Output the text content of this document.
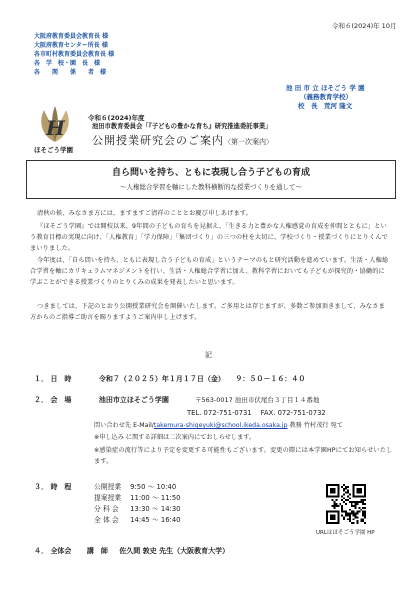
令和６(2024)年 10月
大阪府教育委員会教育長 様
大阪府教育センター所長 様
各市町村教育委員会教育長 様
各　学　校・園　長　様
各　　関　　係　　者　様
池 田 市 立 ほそごう 学 園
（義務教育学校）
校　長　荒河 隆文
H
ほそごう学園
令和６(2024)年度
池田市教育委員会「『子どもの豊かな育ち』研究推進委託事業」
公開授業研究会のご案内〈第一次案内〉
自ら問いを持ち、ともに表現し合う子どもの育成
〜人権総合学習を軸にした教科横断的な授業づくりを通して〜
清秋の候、みなさま方には、ますますご清祥のこととお慶び申しあげます。
『ほそごう学園』では開校以来、9年間の子どもの育ちを見据え、「生きる力と豊かな人権感覚の育成を仲間とともに」という教育目標の実現に向け、「人権教育」「学力保障」「集団づくり」の三つの柱を大切に、学校づくり・授業づくりにとりくんでまいりました。
今年度は、「自ら問いを持ち、ともに表現し合う子どもの育成」というテーマのもと研究活動を進めています。生活・人権総合学習を軸にカリキュラムマネジメントを行い、生活・人権総合学習に加え、教科学習においても子どもが探究的・協働的に学ぶことができる授業づくりのとりくみの成果を発表したいと思います。
つきましては、下記のとおり公開授業研究会を開催いたします。ご多用とは存じますが、多数ご参加頂きまして、みなさま方からのご指導ご助言を賜りますようご案内申し上げます。
記
１． 日　時	令和７（２０２５）年１月１７日（金）　　９：５０－１６：４０
２． 会　場	池田市立ほそごう学園	〒563-0017 池田市伏尾台３丁目１４番地
TEL. 072-751-0731　 FAX. 072-751-0732
問い合わせ先 E-Mail/takemura-shigeyuki@school.ikeda.osaka.jp 教務 竹村茂行 宛て
※申し込み に関する詳細は二次案内にておしらせします。
※感染症の流行等により予定を変更する可能性もございます。変更の際には本学園HPにてお知らせいたします。
３． 時　程	公開授業 9:50 〜 10:40
提案授業 11:00 〜 11:50
分 科 会 13:30 〜 14:30
全 体 会 14:45 〜 16:40
URLはほそごう学園 HP
４． 全体会 講　師 佐久間 敦史 先生（大阪教育大学）
